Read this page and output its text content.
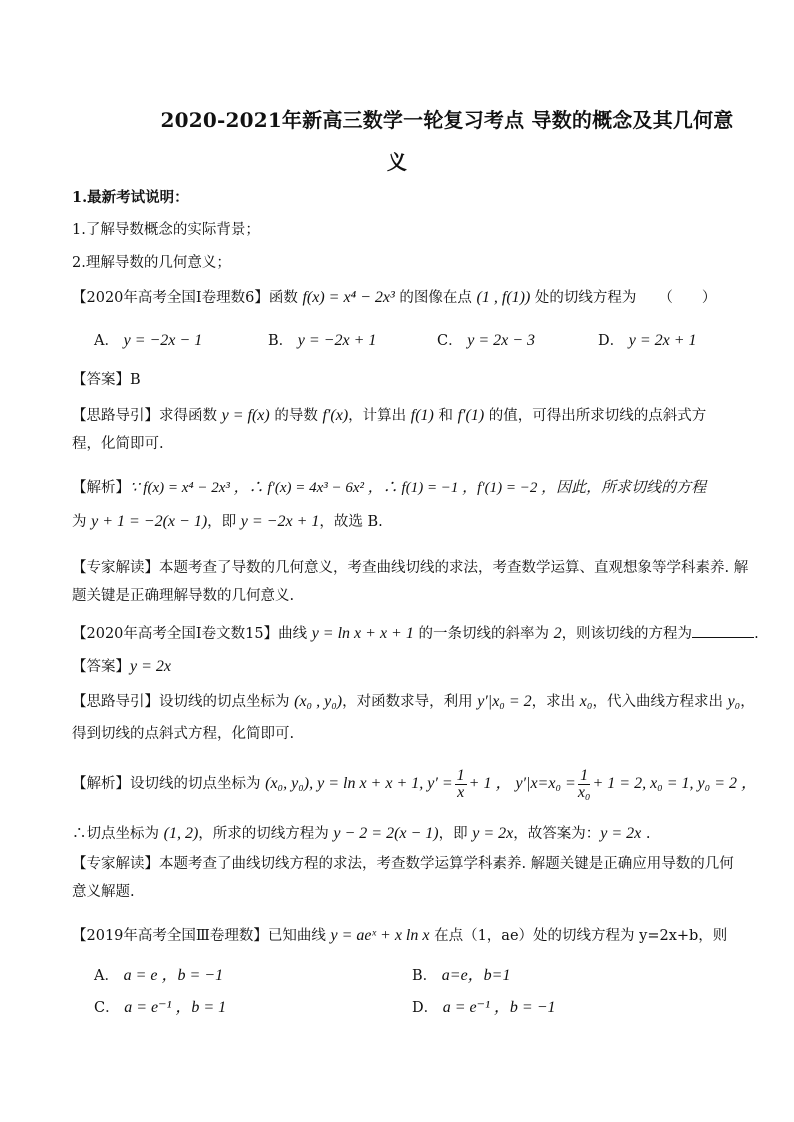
2020-2021年新高三数学一轮复习考点 导数的概念及其几何意
义
1.最新考试说明：
1.了解导数概念的实际背景；
2.理解导数的几何意义；
【2020年高考全国Ⅰ卷理数6】函数 f(x) = x⁴ − 2x³ 的图像在点 (1 , f(1)) 处的切线方程为 （　　）
A． y = −2x − 1	B． y = −2x + 1	C． y = 2x − 3	D． y = 2x + 1
【答案】B
【思路导引】求得函数 y = f(x) 的导数 f′(x)，计算出 f(1) 和 f′(1) 的值，可得出所求切线的点斜式方
程，化简即可.
【解析】∵ f(x) = x⁴ − 2x³ ，∴ f′(x) = 4x³ − 6x² ，∴ f(1) = −1 ，f′(1) = −2 ，因此，所求切线的方程
为 y + 1 = −2(x − 1)，即 y = −2x + 1，故选 B.
【专家解读】本题考查了导数的几何意义，考查曲线切线的求法，考查数学运算、直观想象等学科素养. 解
题关键是正确理解导数的几何意义.
【2020年高考全国Ⅰ卷文数15】曲线 y = ln x + x + 1 的一条切线的斜率为 2，则该切线的方程为	.
【答案】y = 2x
【思路导引】设切线的切点坐标为 (x₀ , y₀)，对函数求导，利用 y′|x₀ = 2，求出 x₀，代入曲线方程求出 y₀，
得到切线的点斜式方程，化简即可.
【解析】设切线的切点坐标为 (x₀, y₀), y = ln x + x + 1, $y' = \frac{1}{x} + 1$ ， $y'|x=x_0 = \frac{1}{\text{x₀}} + 1 = 2$, x₀ = 1, y₀ = 2 ，
∴切点坐标为 (1, 2)，所求的切线方程为 y − 2 = 2(x − 1)，即 y = 2x，故答案为：y = 2x .
【专家解读】本题考查了曲线切线方程的求法，考查数学运算学科素养. 解题关键是正确应用导数的几何
意义解题.
【2019年高考全国Ⅲ卷理数】已知曲线 y = aeˣ + x ln x 在点（1，ae）处的切线方程为 y=2x+b，则
A． a = e ，b = −1	B． a=e，b=1
C． a = e⁻¹ ，b = 1	D． a = e⁻¹ ，b = −1
